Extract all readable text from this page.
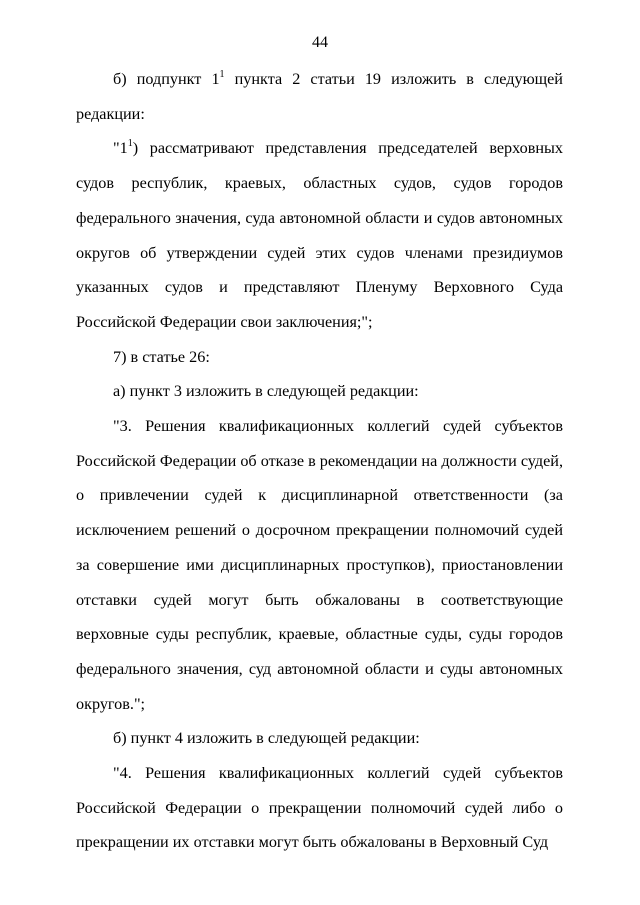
44

б) подпункт $1^1$ пункта 2 статьи 19 изложить в следующей редакции:

"$1^1$) рассматривают представления председателей верховных судов республик, краевых, областных судов, судов городов федерального значения, суда автономной области и судов автономных округов об утверждении судей этих судов членами президиумов указанных судов и представляют Пленуму Верховного Суда Российской Федерации свои заключения;";

7) в статье 26:

а) пункт 3 изложить в следующей редакции:

"3. Решения квалификационных коллегий судей субъектов Российской Федерации об отказе в рекомендации на должности судей, о привлечении судей к дисциплинарной ответственности (за исключением решений о досрочном прекращении полномочий судей за совершение ими дисциплинарных проступков), приостановлении отставки судей могут быть обжалованы в соответствующие верховные суды республик, краевые, областные суды, суды городов федерального значения, суд автономной области и суды автономных округов.";

б) пункт 4 изложить в следующей редакции:

"4. Решения квалификационных коллегий судей субъектов Российской Федерации о прекращении полномочий судей либо о прекращении их отставки могут быть обжалованы в Верховный Суд
